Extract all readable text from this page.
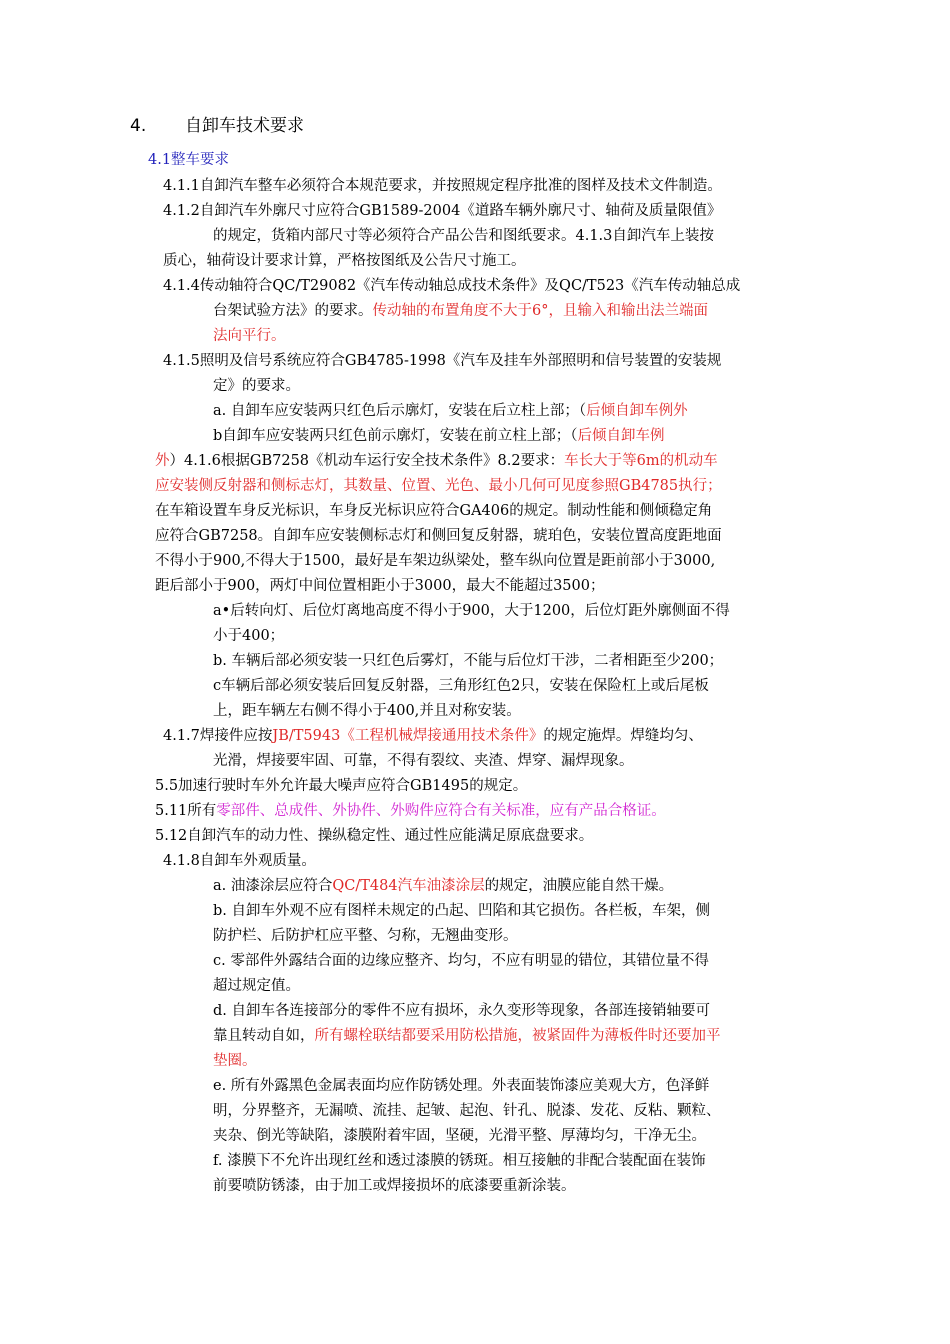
4. 自卸车技术要求
4.1整车要求
4.1.1自卸汽车整车必须符合本规范要求，并按照规定程序批准的图样及技术文件制造。
4.1.2自卸汽车外廓尺寸应符合GB1589-2004《道路车辆外廓尺寸、轴荷及质量限值》
的规定，货箱内部尺寸等必须符合产品公告和图纸要求。4.1.3自卸汽车上装按
质心，轴荷设计要求计算，严格按图纸及公告尺寸施工。
4.1.4传动轴符合QC/T29082《汽车传动轴总成技术条件》及QC/T523《汽车传动轴总成
台架试验方法》的要求。传动轴的布置角度不大于6°，且输入和输出法兰端面
法向平行。
4.1.5照明及信号系统应符合GB4785-1998《汽车及挂车外部照明和信号装置的安装规
定》的要求。
a. 自卸车应安装两只红色后示廓灯，安装在后立柱上部；（后倾自卸车例外
b自卸车应安装两只红色前示廓灯，安装在前立柱上部；（后倾自卸车例
外）4.1.6根据GB7258《机动车运行安全技术条件》8.2要求：车长大于等6m的机动车
应安装侧反射器和侧标志灯，其数量、位置、光色、最小几何可见度参照GB4785执行；
在车箱设置车身反光标识，车身反光标识应符合GA406的规定。制动性能和侧倾稳定角
应符合GB7258。自卸车应安装侧标志灯和侧回复反射器，琥珀色，安装位置高度距地面
不得小于900,不得大于1500，最好是车架边纵梁处，整车纵向位置是距前部小于3000,
距后部小于900，两灯中间位置相距小于3000，最大不能超过3500；
a•后转向灯、后位灯离地高度不得小于900，大于1200，后位灯距外廓侧面不得
小于400；
b. 车辆后部必须安装一只红色后雾灯，不能与后位灯干涉，二者相距至少200；
c车辆后部必须安装后回复反射器，三角形红色2只，安装在保险杠上或后尾板
上，距车辆左右侧不得小于400,并且对称安装。
4.1.7焊接件应按JB/T5943《工程机械焊接通用技术条件》的规定施焊。焊缝均匀、
光滑，焊接要牢固、可靠，不得有裂纹、夹渣、焊穿、漏焊现象。
5.5加速行驶时车外允许最大噪声应符合GB1495的规定。
5.11所有零部件、总成件、外协件、外购件应符合有关标准，应有产品合格证。
5.12自卸汽车的动力性、操纵稳定性、通过性应能满足原底盘要求。
4.1.8自卸车外观质量。
a. 油漆涂层应符合QC/T484汽车油漆涂层的规定，油膜应能自然干燥。
b. 自卸车外观不应有图样未规定的凸起、凹陷和其它损伤。各栏板，车架，侧
防护栏、后防护杠应平整、匀称，无翘曲变形。
c. 零部件外露结合面的边缘应整齐、均匀，不应有明显的错位，其错位量不得
超过规定值。
d. 自卸车各连接部分的零件不应有损坏，永久变形等现象，各部连接销轴要可
靠且转动自如，所有螺栓联结都要采用防松措施，被紧固件为薄板件时还要加平
垫圈。
e. 所有外露黑色金属表面均应作防锈处理。外表面装饰漆应美观大方，色泽鲜
明，分界整齐，无漏喷、流挂、起皱、起泡、针孔、脱漆、发花、反粘、颗粒、
夹杂、倒光等缺陷，漆膜附着牢固，坚硬，光滑平整、厚薄均匀，干净无尘。
f. 漆膜下不允许出现红丝和透过漆膜的锈斑。相互接触的非配合装配面在装饰
前要喷防锈漆，由于加工或焊接损坏的底漆要重新涂装。
